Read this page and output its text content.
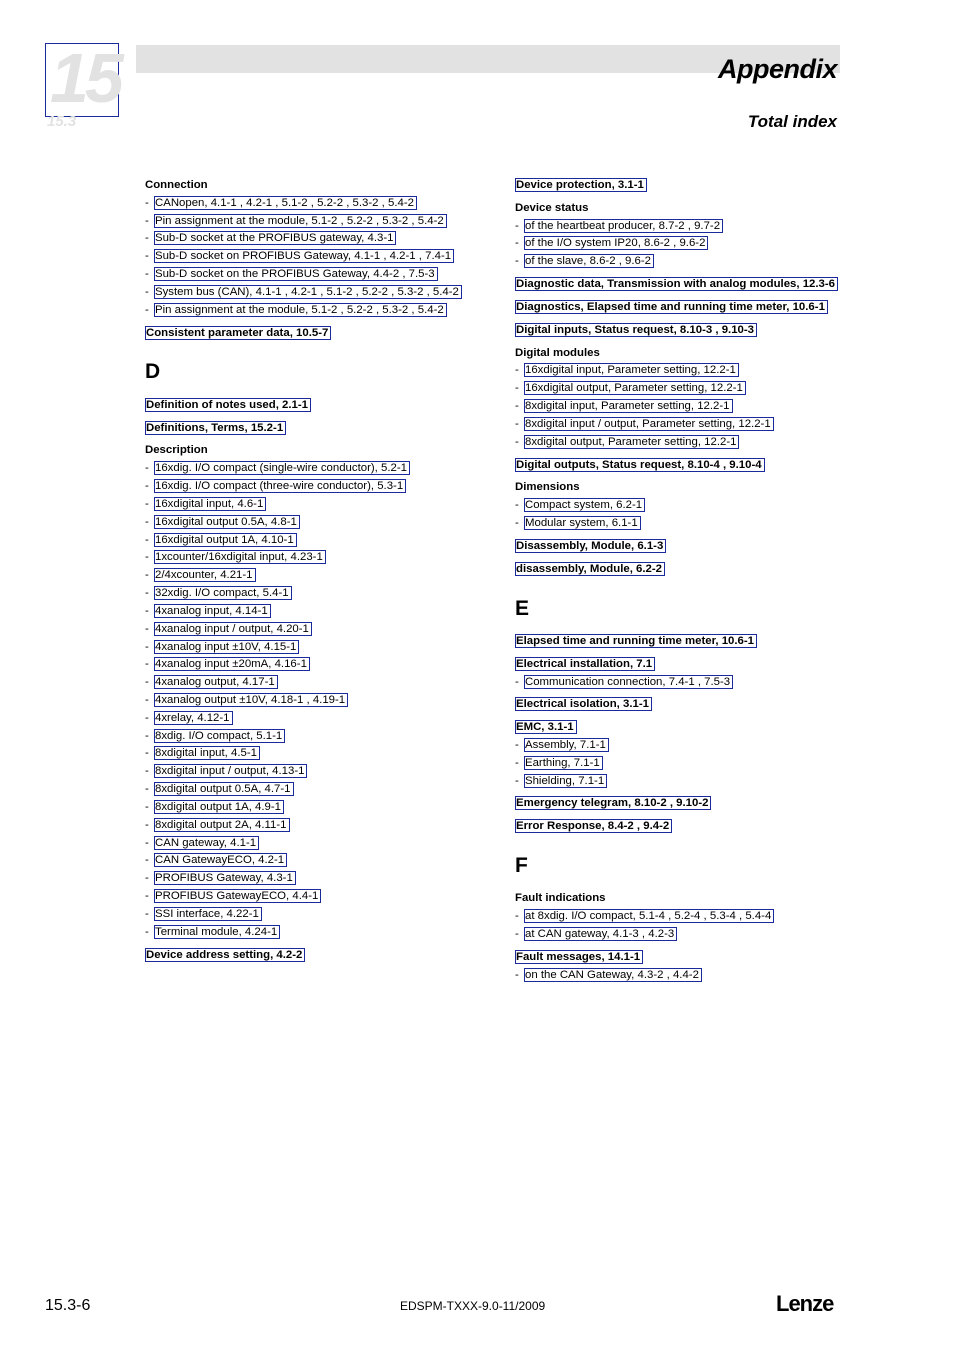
15
15.3
Appendix
Total index
Connection
- CANopen, 4.1-1 , 4.2-1 , 5.1-2 , 5.2-2 , 5.3-2 , 5.4-2
- Pin assignment at the module, 5.1-2 , 5.2-2 , 5.3-2 , 5.4-2
- Sub-D socket at the PROFIBUS gateway, 4.3-1
- Sub-D socket on PROFIBUS Gateway, 4.1-1 , 4.2-1 , 7.4-1
- Sub-D socket on the PROFIBUS Gateway, 4.4-2 , 7.5-3
- System bus (CAN), 4.1-1 , 4.2-1 , 5.1-2 , 5.2-2 , 5.3-2 , 5.4-2
- Pin assignment at the module, 5.1-2 , 5.2-2 , 5.3-2 , 5.4-2
Consistent parameter data, 10.5-7
D
Definition of notes used, 2.1-1
Definitions, Terms, 15.2-1
Description
- 16xdig. I/O compact (single-wire conductor), 5.2-1
- 16xdig. I/O compact (three-wire conductor), 5.3-1
- 16xdigital input, 4.6-1
- 16xdigital output 0.5A, 4.8-1
- 16xdigital output 1A, 4.10-1
- 1xcounter/16xdigital input, 4.23-1
- 2/4xcounter, 4.21-1
- 32xdig. I/O compact, 5.4-1
- 4xanalog input, 4.14-1
- 4xanalog input / output, 4.20-1
- 4xanalog input ±10V, 4.15-1
- 4xanalog input ±20mA, 4.16-1
- 4xanalog output, 4.17-1
- 4xanalog output ±10V, 4.18-1 , 4.19-1
- 4xrelay, 4.12-1
- 8xdig. I/O compact, 5.1-1
- 8xdigital input, 4.5-1
- 8xdigital input / output, 4.13-1
- 8xdigital output 0.5A, 4.7-1
- 8xdigital output 1A, 4.9-1
- 8xdigital output 2A, 4.11-1
- CAN gateway, 4.1-1
- CAN GatewayECO, 4.2-1
- PROFIBUS Gateway, 4.3-1
- PROFIBUS GatewayECO, 4.4-1
- SSI interface, 4.22-1
- Terminal module, 4.24-1
Device address setting, 4.2-2
Device protection, 3.1-1
Device status
- of the heartbeat producer, 8.7-2 , 9.7-2
- of the I/O system IP20, 8.6-2 , 9.6-2
- of the slave, 8.6-2 , 9.6-2
Diagnostic data, Transmission with analog modules, 12.3-6
Diagnostics, Elapsed time and running time meter, 10.6-1
Digital inputs, Status request, 8.10-3 , 9.10-3
Digital modules
- 16xdigital input, Parameter setting, 12.2-1
- 16xdigital output, Parameter setting, 12.2-1
- 8xdigital input, Parameter setting, 12.2-1
- 8xdigital input / output, Parameter setting, 12.2-1
- 8xdigital output, Parameter setting, 12.2-1
Digital outputs, Status request, 8.10-4 , 9.10-4
Dimensions
- Compact system, 6.2-1
- Modular system, 6.1-1
Disassembly, Module, 6.1-3
disassembly, Module, 6.2-2
E
Elapsed time and running time meter, 10.6-1
Electrical installation, 7.1
- Communication connection, 7.4-1 , 7.5-3
Electrical isolation, 3.1-1
EMC, 3.1-1
- Assembly, 7.1-1
- Earthing, 7.1-1
- Shielding, 7.1-1
Emergency telegram, 8.10-2 , 9.10-2
Error Response, 8.4-2 , 9.4-2
F
Fault indications
- at 8xdig. I/O compact, 5.1-4 , 5.2-4 , 5.3-4 , 5.4-4
- at CAN gateway, 4.1-3 , 4.2-3
Fault messages, 14.1-1
- on the CAN Gateway, 4.3-2 , 4.4-2
15.3-6	EDSPM-TXXX-9.0-11/2009	Lenze
